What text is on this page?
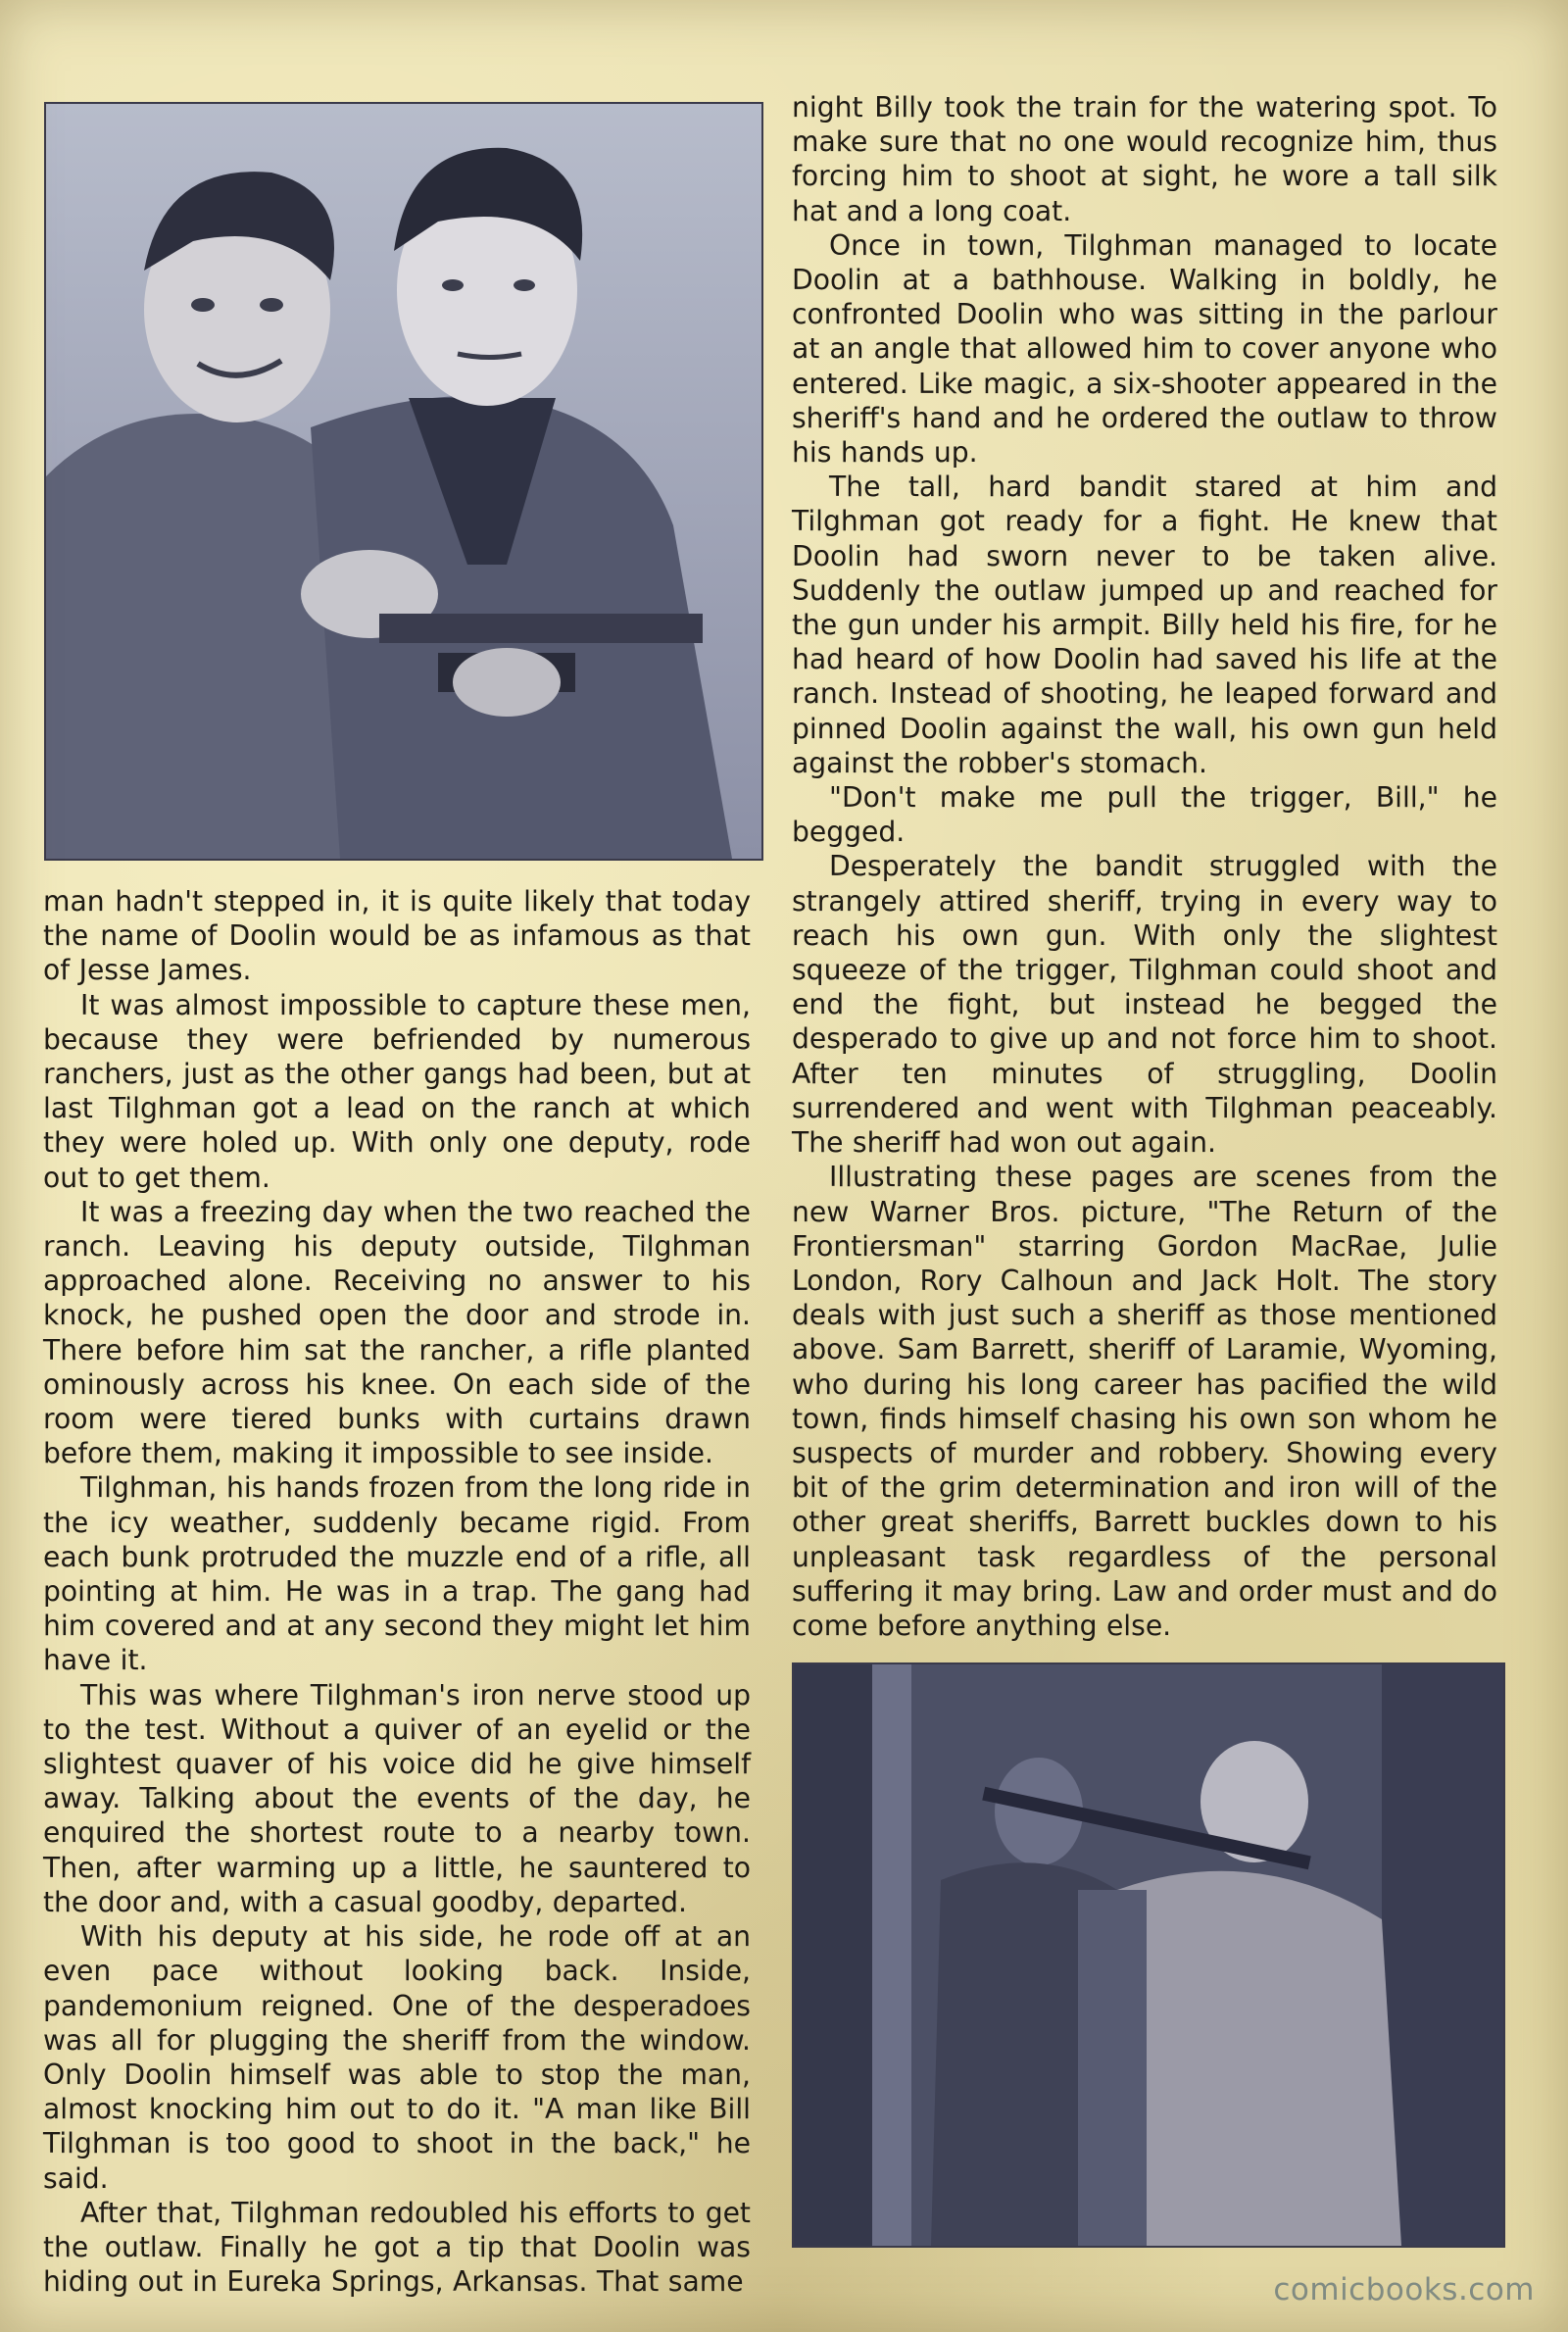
man hadn't stepped in, it is quite likely that today the name of Doolin would be as infamous as that of Jesse James.

It was almost impossible to capture these men, because they were befriended by numerous ranchers, just as the other gangs had been, but at last Tilghman got a lead on the ranch at which they were holed up. With only one deputy, rode out to get them.

It was a freezing day when the two reached the ranch. Leaving his deputy outside, Tilghman approached alone. Receiving no answer to his knock, he pushed open the door and strode in. There before him sat the rancher, a rifle planted ominously across his knee. On each side of the room were tiered bunks with curtains drawn before them, making it impossible to see inside.

Tilghman, his hands frozen from the long ride in the icy weather, suddenly became rigid. From each bunk protruded the muzzle end of a rifle, all pointing at him. He was in a trap. The gang had him covered and at any second they might let him have it.

This was where Tilghman's iron nerve stood up to the test. Without a quiver of an eyelid or the slightest quaver of his voice did he give himself away. Talking about the events of the day, he enquired the shortest route to a nearby town. Then, after warming up a little, he sauntered to the door and, with a casual goodby, departed.

With his deputy at his side, he rode off at an even pace without looking back. Inside, pandemonium reigned. One of the desperadoes was all for plugging the sheriff from the window. Only Doolin himself was able to stop the man, almost knocking him out to do it. "A man like Bill Tilghman is too good to shoot in the back," he said.

After that, Tilghman redoubled his efforts to get the outlaw. Finally he got a tip that Doolin was hiding out in Eureka Springs, Arkansas. That same

night Billy took the train for the watering spot. To make sure that no one would recognize him, thus forcing him to shoot at sight, he wore a tall silk hat and a long coat.

Once in town, Tilghman managed to locate Doolin at a bathhouse. Walking in boldly, he confronted Doolin who was sitting in the parlour at an angle that allowed him to cover anyone who entered. Like magic, a six-shooter appeared in the sheriff's hand and he ordered the outlaw to throw his hands up.

The tall, hard bandit stared at him and Tilghman got ready for a fight. He knew that Doolin had sworn never to be taken alive. Suddenly the outlaw jumped up and reached for the gun under his armpit. Billy held his fire, for he had heard of how Doolin had saved his life at the ranch. Instead of shooting, he leaped forward and pinned Doolin against the wall, his own gun held against the robber's stomach.

"Don't make me pull the trigger, Bill," he begged.

Desperately the bandit struggled with the strangely attired sheriff, trying in every way to reach his own gun. With only the slightest squeeze of the trigger, Tilghman could shoot and end the fight, but instead he begged the desperado to give up and not force him to shoot. After ten minutes of struggling, Doolin surrendered and went with Tilghman peaceably. The sheriff had won out again.

Illustrating these pages are scenes from the new Warner Bros. picture, "The Return of the Frontiersman" starring Gordon MacRae, Julie London, Rory Calhoun and Jack Holt. The story deals with just such a sheriff as those mentioned above. Sam Barrett, sheriff of Laramie, Wyoming, who during his long career has pacified the wild town, finds himself chasing his own son whom he suspects of murder and robbery. Showing every bit of the grim determination and iron will of the other great sheriffs, Barrett buckles down to his unpleasant task regardless of the personal suffering it may bring. Law and order must and do come before anything else.

comicbooks.com
